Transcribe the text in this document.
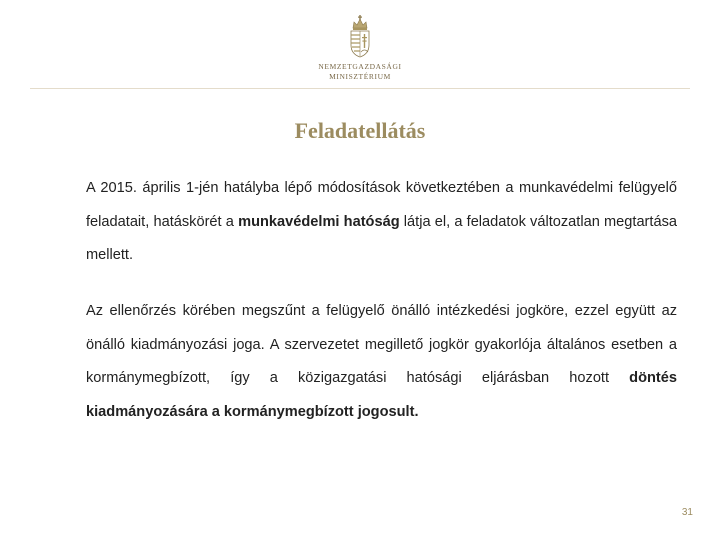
NEMZETGAZDASÁGI
MINISZTÉRIUM
Feladatellátás
A 2015. április 1-jén hatályba lépő módosítások következtében a munkavédelmi felügyelő feladatait, hatáskörét a munkavédelmi hatóság látja el, a feladatok változatlan megtartása mellett.
Az ellenőrzés körében megszűnt a felügyelő önálló intézkedési jogköre, ezzel együtt az önálló kiadmányozási joga. A szervezetet megillető jogkör gyakorlója általános esetben a kormánymegbízott, így a közigazgatási hatósági eljárásban hozott döntés kiadmányozására a kormánymegbízott jogosult.
31
